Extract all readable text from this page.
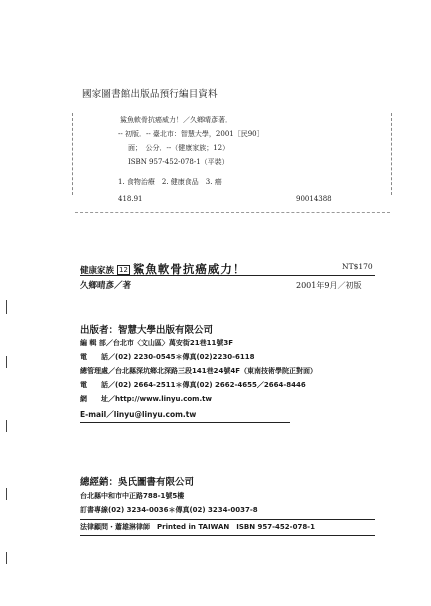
國家圖書館出版品預行編目資料
鯊魚軟骨抗癌威力！／久鄉晴彥著．
-- 初版．-- 臺北市：智慧大學，2001［民90］
面；　公分．--（健康家族；12）
ISBN 957-452-078-1（平裝）
1. 食物治療　2. 健康食品　3. 癌
418.91	90014388
健康家族 12 鯊魚軟骨抗癌威力！	NT$170
久鄉晴彥／著	2001年9月／初版
出版者：智慧大學出版有限公司
編 輯 部／台北市〈文山區〉萬安街21巷11號3F
電　　話／(02) 2230-0545＊傳真(02)2230-6118
總管理處／台北縣深坑鄉北深路三段141巷24號4F（東南技術學院正對面）
電　　話／(02) 2664-2511＊傳真(02) 2662-4655／2664-8446
網　　址／http://www.linyu.com.tw
E-mail／linyu@linyu.com.tw
總經銷：吳氏圖書有限公司
台北縣中和市中正路788-1號5樓
訂書專線(02) 3234-0036＊傳真(02) 3234-0037-8
法律顧問・蕭雄淋律師　Printed in TAIWAN　ISBN 957-452-078-1
